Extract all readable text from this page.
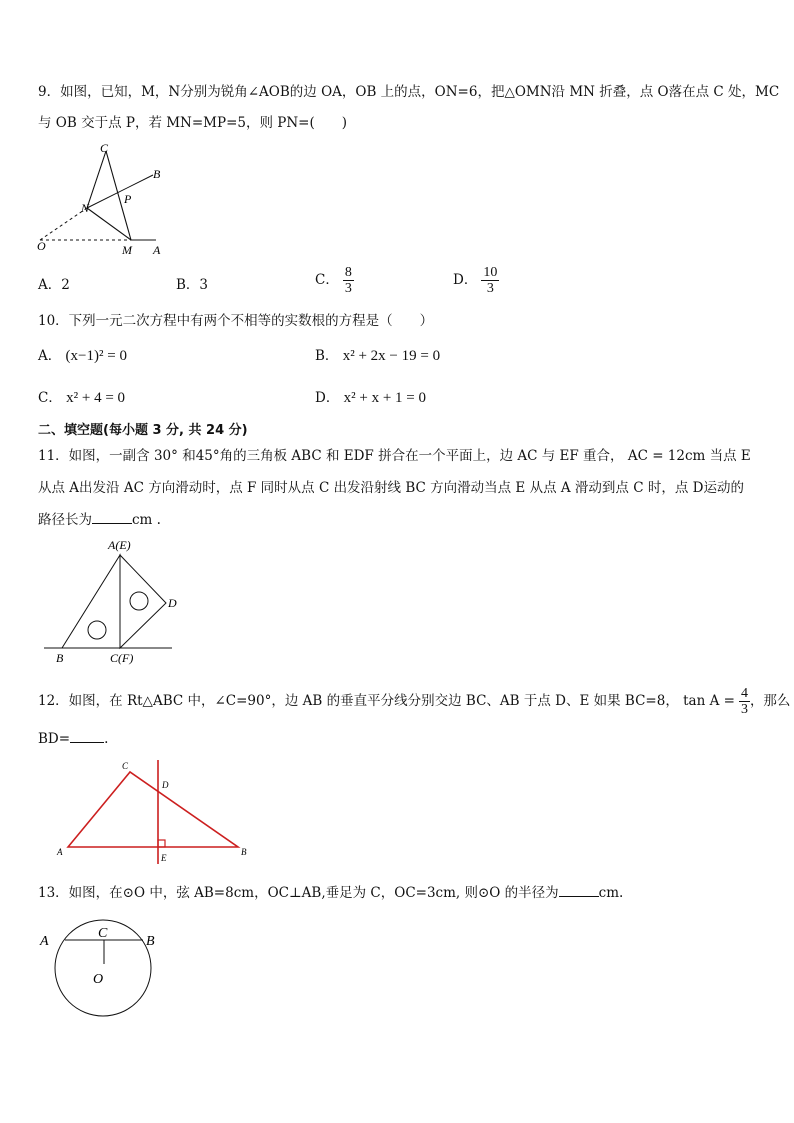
9．如图，已知，M，N分别为锐角∠AOB的边 OA，OB 上的点，ON=6，把△OMN沿 MN 折叠，点 O落在点 C 处，MC
与 OB 交于点 P，若 MN=MP=5，则 PN=(　　)
C
B
N
P
O	M A
A．2	B．3	C． $\frac{8}{3}$	D． $\frac{10}{3}$
10．下列一元二次方程中有两个不相等的实数根的方程是（　　）
A． (x−1)² = 0	B． x² + 2x − 19 = 0
C． x² + 4 = 0	D． x² + x + 1 = 0
二、填空题(每小题 3 分, 共 24 分)
11．如图，一副含 30° 和45°角的三角板 ABC 和 EDF 拼合在一个平面上，边 AC 与 EF 重合， AC = 12cm 当点 E
从点 A出发沿 AC 方向滑动时，点 F 同时从点 C 出发沿射线 BC 方向滑动当点 E 从点 A 滑动到点 C 时，点 D运动的
路径长为	cm .
A(E)
D
B	C(F)
12．如图，在 Rt△ABC 中，∠C=90°，边 AB 的垂直平分线分别交边 BC、AB 于点 D、E 如果 BC=8， $\tan A = \frac{4}{3}$ ，那么
BD=	.
C
D
A
E
B
13．如图，在⊙O 中，弦 AB=8cm，OC⊥AB,垂足为 C，OC=3cm, 则⊙O 的半径为	cm.
A
C
B
O
